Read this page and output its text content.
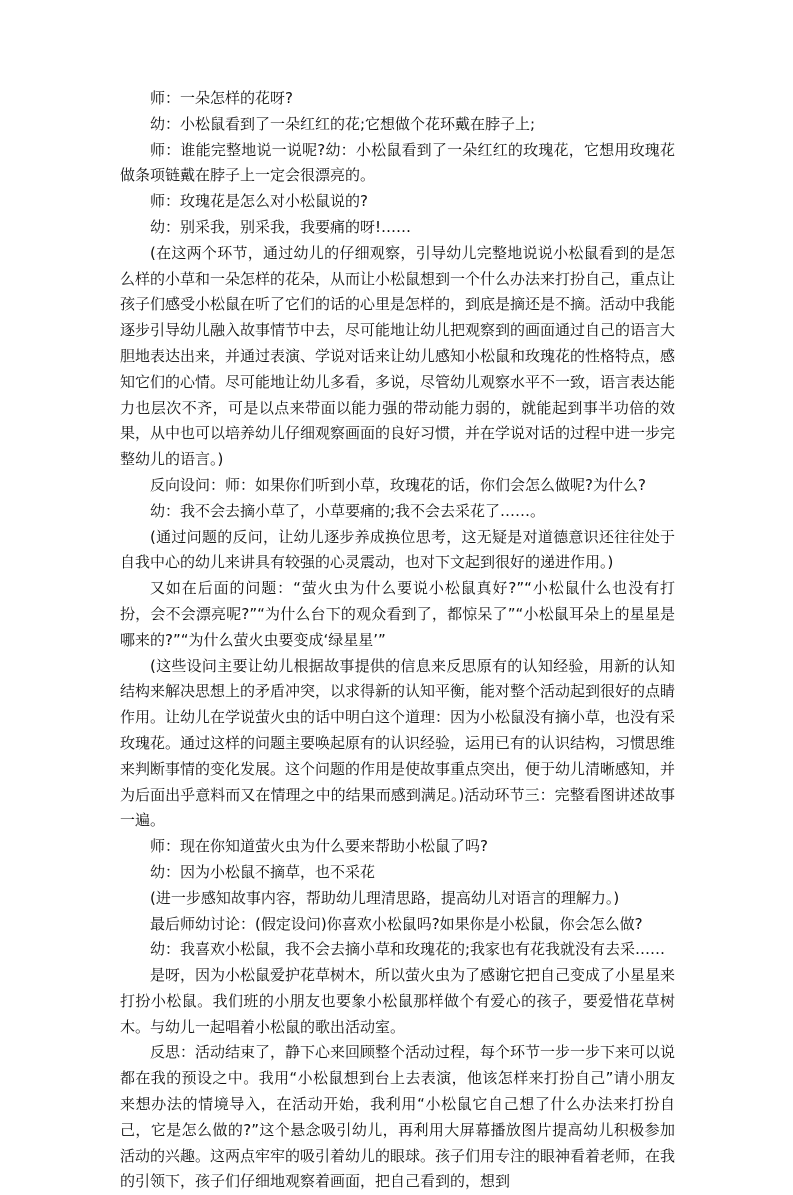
师：一朵怎样的花呀?

幼：小松鼠看到了一朵红红的花;它想做个花环戴在脖子上;

师：谁能完整地说一说呢?幼：小松鼠看到了一朵红红的玫瑰花，它想用玫瑰花做条项链戴在脖子上一定会很漂亮的。

师：玫瑰花是怎么对小松鼠说的?

幼：别采我，别采我，我要痛的呀!……

(在这两个环节，通过幼儿的仔细观察，引导幼儿完整地说说小松鼠看到的是怎么样的小草和一朵怎样的花朵，从而让小松鼠想到一个什么办法来打扮自己，重点让孩子们感受小松鼠在听了它们的话的心里是怎样的，到底是摘还是不摘。活动中我能逐步引导幼儿融入故事情节中去，尽可能地让幼儿把观察到的画面通过自己的语言大胆地表达出来，并通过表演、学说对话来让幼儿感知小松鼠和玫瑰花的性格特点，感知它们的心情。尽可能地让幼儿多看，多说，尽管幼儿观察水平不一致，语言表达能力也层次不齐，可是以点来带面以能力强的带动能力弱的，就能起到事半功倍的效果，从中也可以培养幼儿仔细观察画面的良好习惯，并在学说对话的过程中进一步完整幼儿的语言。)

反向设问：师：如果你们听到小草，玫瑰花的话，你们会怎么做呢?为什么?

幼：我不会去摘小草了，小草要痛的;我不会去采花了……。

(通过问题的反问，让幼儿逐步养成换位思考，这无疑是对道德意识还往往处于自我中心的幼儿来讲具有较强的心灵震动，也对下文起到很好的递进作用。)

又如在后面的问题：“萤火虫为什么要说小松鼠真好?”“小松鼠什么也没有打扮，会不会漂亮呢?”“为什么台下的观众看到了，都惊呆了”“小松鼠耳朵上的星星是哪来的?”“为什么萤火虫要变成‘绿星星’”

(这些设问主要让幼儿根据故事提供的信息来反思原有的认知经验，用新的认知结构来解决思想上的矛盾冲突，以求得新的认知平衡，能对整个活动起到很好的点睛作用。让幼儿在学说萤火虫的话中明白这个道理：因为小松鼠没有摘小草，也没有采玫瑰花。通过这样的问题主要唤起原有的认识经验，运用已有的认识结构，习惯思维来判断事情的变化发展。这个问题的作用是使故事重点突出，便于幼儿清晰感知，并为后面出乎意料而又在情理之中的结果而感到满足。)活动环节三：完整看图讲述故事一遍。

师：现在你知道萤火虫为什么要来帮助小松鼠了吗?

幼：因为小松鼠不摘草，也不采花

(进一步感知故事内容，帮助幼儿理清思路，提高幼儿对语言的理解力。)

最后师幼讨论：(假定设问)你喜欢小松鼠吗?如果你是小松鼠，你会怎么做?

幼：我喜欢小松鼠，我不会去摘小草和玫瑰花的;我家也有花我就没有去采……

是呀，因为小松鼠爱护花草树木，所以萤火虫为了感谢它把自己变成了小星星来打扮小松鼠。我们班的小朋友也要象小松鼠那样做个有爱心的孩子，要爱惜花草树木。与幼儿一起唱着小松鼠的歌出活动室。

反思：活动结束了，静下心来回顾整个活动过程，每个环节一步一步下来可以说都在我的预设之中。我用“小松鼠想到台上去表演，他该怎样来打扮自己”请小朋友来想办法的情境导入，在活动开始，我利用“小松鼠它自己想了什么办法来打扮自己，它是怎么做的?”这个悬念吸引幼儿，再利用大屏幕播放图片提高幼儿积极参加活动的兴趣。这两点牢牢的吸引着幼儿的眼球。孩子们用专注的眼神看着老师，在我的引领下，孩子们仔细地观察着画面，把自己看到的，想到
